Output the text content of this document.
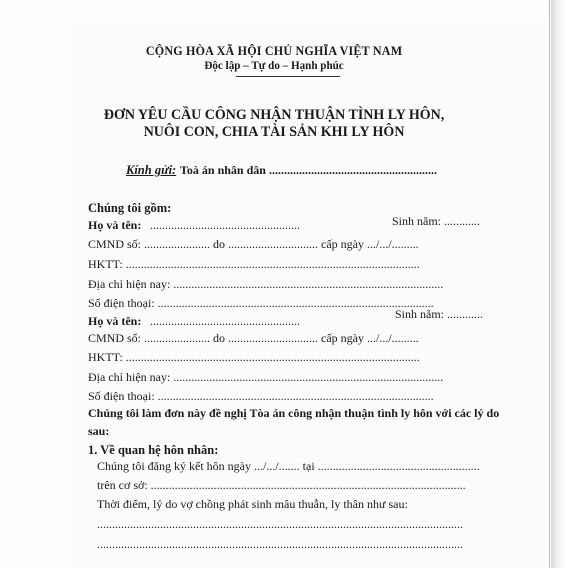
CỘNG HÒA XÃ HỘI CHỦ NGHĨA VIỆT NAM
Độc lập – Tự do – Hạnh phúc
ĐƠN YÊU CẦU CÔNG NHẬN THUẬN TÌNH LY HÔN,
NUÔI CON, CHIA TÀI SẢN KHI LY HÔN
Kính gửi: Toà án nhân dân ........................................................
Chúng tôi gồm:
Họ và tên: ..................................................	Sinh năm: ............
CMND số: ...................... do .............................. cấp ngày .../.../.........
HKTT: ..................................................................................................
Địa chỉ hiện nay: ..........................................................................................
Số điện thoại: ............................................................................................
Họ và tên: ..................................................	Sinh năm: ............
CMND số: ...................... do .............................. cấp ngày .../.../.........
HKTT: ..................................................................................................
Địa chỉ hiện nay: ..........................................................................................
Số điện thoại: ............................................................................................
Chúng tôi làm đơn này đề nghị Tòa án công nhận thuận tình ly hôn với các lý do
sau:
1. Về quan hệ hôn nhân:
Chúng tôi đăng ký kết hôn ngày .../.../....... tại ......................................................
trên cơ sở: .........................................................................................................
Thời điểm, lý do vợ chồng phát sinh mâu thuẫn, ly thân như sau:
..........................................................................................................................
..........................................................................................................................
